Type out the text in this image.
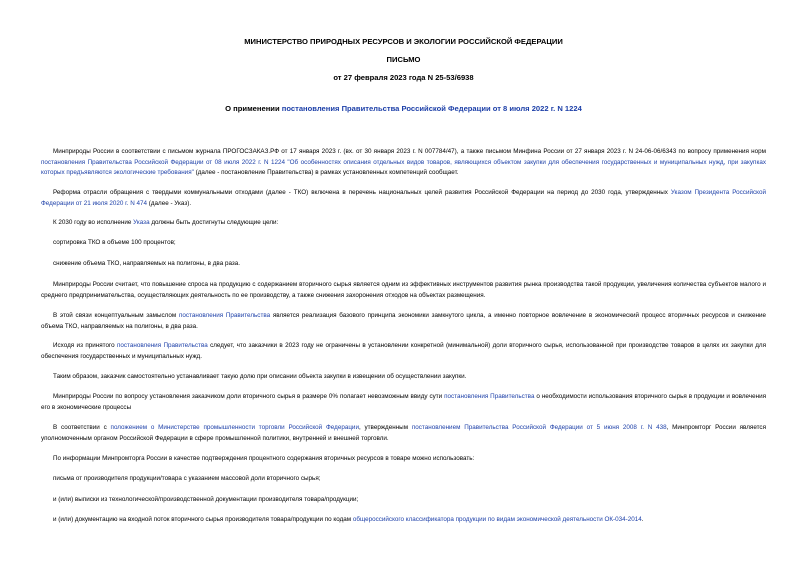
МИНИСТЕРСТВО ПРИРОДНЫХ РЕСУРСОВ И ЭКОЛОГИИ РОССИЙСКОЙ ФЕДЕРАЦИИ
ПИСЬМО
от 27 февраля 2023 года N 25-53/6938
О применении постановления Правительства Российской Федерации от 8 июля 2022 г. N 1224
Минприроды России в соответствии с письмом журнала ПРОГОСЗАКАЗ.РФ от 17 января 2023 г. (вх. от 30 января 2023 г. N 007784/47), а также письмом Минфина России от 27 января 2023 г. N 24-06-06/6343 по вопросу применения норм постановления Правительства Российской Федерации от 08 июля 2022 г. N 1224 "Об особенностях описания отдельных видов товаров, являющихся объектом закупки для обеспечения государственных и муниципальных нужд, при закупках которых предъявляются экологические требования" (далее - постановление Правительства) в рамках установленных компетенций сообщает.
Реформа отрасли обращения с твердыми коммунальными отходами (далее - ТКО) включена в перечень национальных целей развития Российской Федерации на период до 2030 года, утвержденных Указом Президента Российской Федерации от 21 июля 2020 г. N 474 (далее - Указ).
К 2030 году во исполнение Указа должны быть достигнуты следующие цели:
сортировка ТКО в объеме 100 процентов;
снижение объема ТКО, направляемых на полигоны, в два раза.
Минприроды России считает, что повышение спроса на продукцию с содержанием вторичного сырья является одним из эффективных инструментов развития рынка производства такой продукции, увеличения количества субъектов малого и среднего предпринимательства, осуществляющих деятельность по ее производству, а также снижения захоронения отходов на объектах размещения.
В этой связи концептуальным замыслом постановления Правительства является реализация базового принципа экономики замкнутого цикла, а именно повторное вовлечение в экономический процесс вторичных ресурсов и снижение объема ТКО, направляемых на полигоны, в два раза.
Исходя из принятого постановления Правительства следует, что заказчики в 2023 году не ограничены в установлении конкретной (минимальной) доли вторичного сырья, использованной при производстве товаров в целях их закупки для обеспечения государственных и муниципальных нужд.
Таким образом, заказчик самостоятельно устанавливает такую долю при описании объекта закупки в извещении об осуществлении закупки.
Минприроды России по вопросу установления заказчиком доли вторичного сырья в размере 0% полагает невозможным ввиду сути постановления Правительства о необходимости использования вторичного сырья в продукции и вовлечения его в экономические процессы
В соответствии с положением о Министерстве промышленности торговли Российской Федерации, утвержденным постановлением Правительства Российской Федерации от 5 июня 2008 г. N 438, Минпромторг России является уполномоченным органом Российской Федерации в сфере промышленной политики, внутренней и внешней торговли.
По информации Минпромторга России в качестве подтверждения процентного содержания вторичных ресурсов в товаре можно использовать:
письма от производителя продукции/товара с указанием массовой доли вторичного сырья;
и (или) выписки из технологической/производственной документации производителя товара/продукции;
и (или) документацию на входной поток вторичного сырья производителя товара/продукции по кодам общероссийского классификатора продукции по видам экономической деятельности ОК-034-2014.
